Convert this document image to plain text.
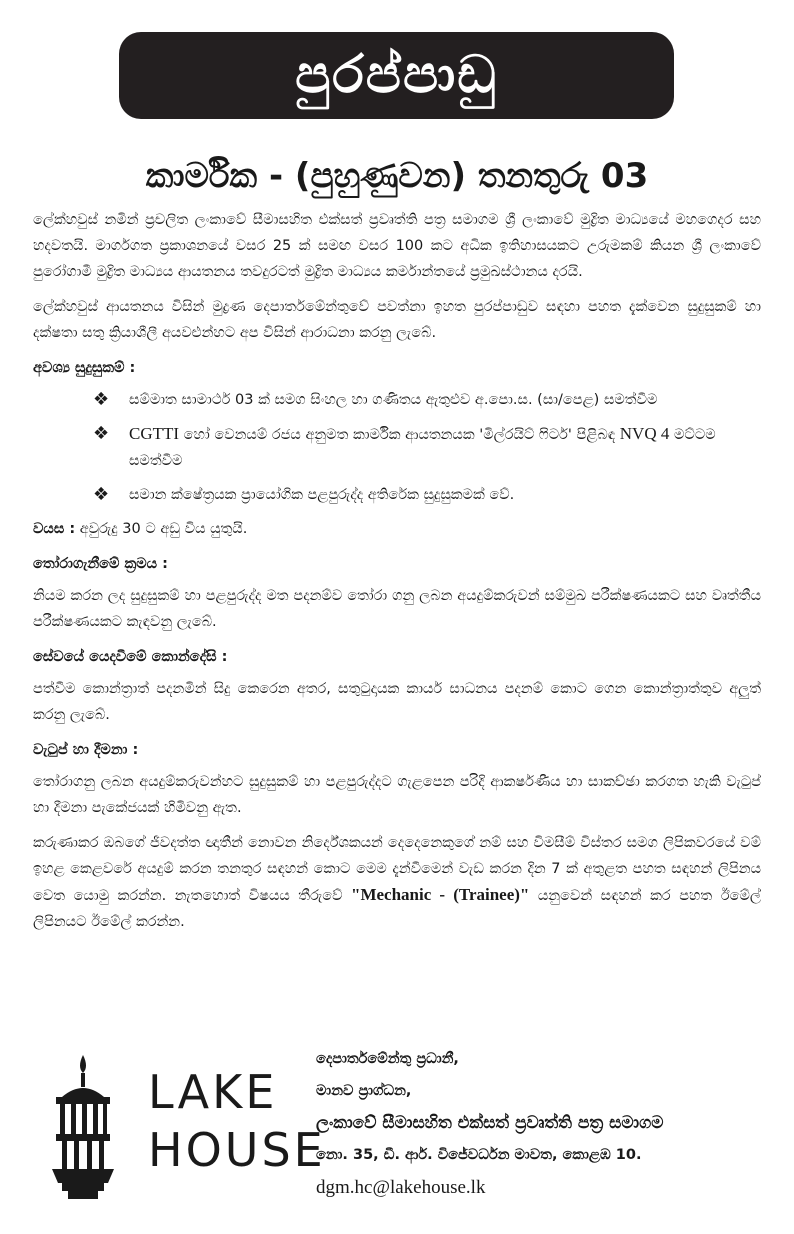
පුරප්පාඩු
කාර්මික - (පුහුණුවන) තනතුරු 03

ලේක්හවුස් නමින් ප්‍රචලිත ලංකාවේ සීමාසහිත එක්සත් ප්‍රවෘත්ති පත්‍ර සමාගම ශ්‍රී ලංකාවේ මුද්‍රිත මාධ්‍යයේ මහගෙදර සහ හදවතයි. මාර්ගගත ප්‍රකාශනයේ වසර 25 ක් සමඟ වසර 100 කට අධික ඉතිහාසයකට උරුමකම් කියන ශ්‍රී ලංකාවේ පුරෝගාමී මුද්‍රිත මාධ්‍යය ආයතනය තවදුරටත් මුද්‍රිත මාධ්‍යය කර්මාන්තයේ ප්‍රමුඛස්ථානය දරයි.

ලේක්හවුස් ආයතනය විසින් මුද්‍රණ දෙපාර්තමේන්තුවේ පවත්නා ඉහත පුරප්පාඩුව සඳහා පහත දැක්වෙන සුදුසුකම් හා දක්ෂතා සතු ක්‍රියාශීලී අයවළුන්හට අප විසින් ආරාධනා කරනු ලැබේ.

අවශ්‍ය සුදුසුකම් :
❖ සම්මාත සාමාර්ථ 03 ක් සමග සිංහල හා ගණිතය ඇතුළුව අ.පො.ස. (සා/පෙළ) සමත්වීම
❖ CGTTI හෝ වෙනයම් රජය අනුමත කාර්මික ආයතනයක 'මිල්රයිට් ෆිටර්' පිළිබඳ NVQ 4 මට්ටම සමත්වීම
❖ සමාන ක්ෂේත්‍රයක ප්‍රායෝගික පළපුරුද්ද අතිරේක සුදුසුකමක් වේ.

වයස : අවුරුදු 30 ට අඩු විය යුතුයි.

තෝරාගැනීමේ ක්‍රමය :

නියම කරන ලද සුදුසුකම් හා පළපුරුද්ද මත පදනම්ව තෝරා ගනු ලබන අයදුම්කරුවන් සම්මුඛ පරීක්ෂණයකට සහ වෘත්තීය පරීක්ෂණයකට කැඳවනු ලැබේ.

සේවයේ යෙදවීමේ කොන්දේසි :

පත්වීම කොන්ත්‍රාත් පදනමින් සිදු කෙරෙන අතර, සතුටුදායක කාර්ය සාධනය පදනම් කොට ගෙන කොන්ත්‍රාත්තුව අලුත් කරනු ලැබේ.

වැටුප් හා දීමනා :

තෝරාගනු ලබන අයදුම්කරුවන්හට සුදුසුකම් හා පළපුරුද්දට ගැළපෙන පරිදි ආකර්ෂණීය හා සාකච්ඡා කරගත හැකි වැටුප් හා දීමනා පැකේජයක් හිමිවනු ඇත.

කරුණාකර ඔබගේ ජීවදත්ත ඥාතීන් නොවන නිර්දේශකයන් දෙදෙනෙකුගේ නම් සහ විමසීම් විස්තර සමග ලිපිකවරයේ වම් ඉහළ කෙළවරේ අයදුම් කරන තනතුර සඳහන් කොට මෙම දැන්වීමෙන් වැඩ කරන දින 7 ක් අතුළත පහත සඳහන් ලිපිනය වෙත යොමු කරන්න. නැතහොත් විෂයය තීරුවේ "Mechanic - (Trainee)" යනුවෙන් සඳහන් කර පහත ඊමේල් ලිපිනයට ඊමේල් කරන්න.

LAKE
HOUSE
දෙපාර්තමේන්තු ප්‍රධානී,
මානව ප්‍රාග්ධන,
ලංකාවේ සීමාසහිත එක්සත් ප්‍රවෘත්ති පත්‍ර සමාගම
නො. 35, ඩී. ආර්. විජේවර්ධන මාවත, කොළඹ 10.
dgm.hc@lakehouse.lk
